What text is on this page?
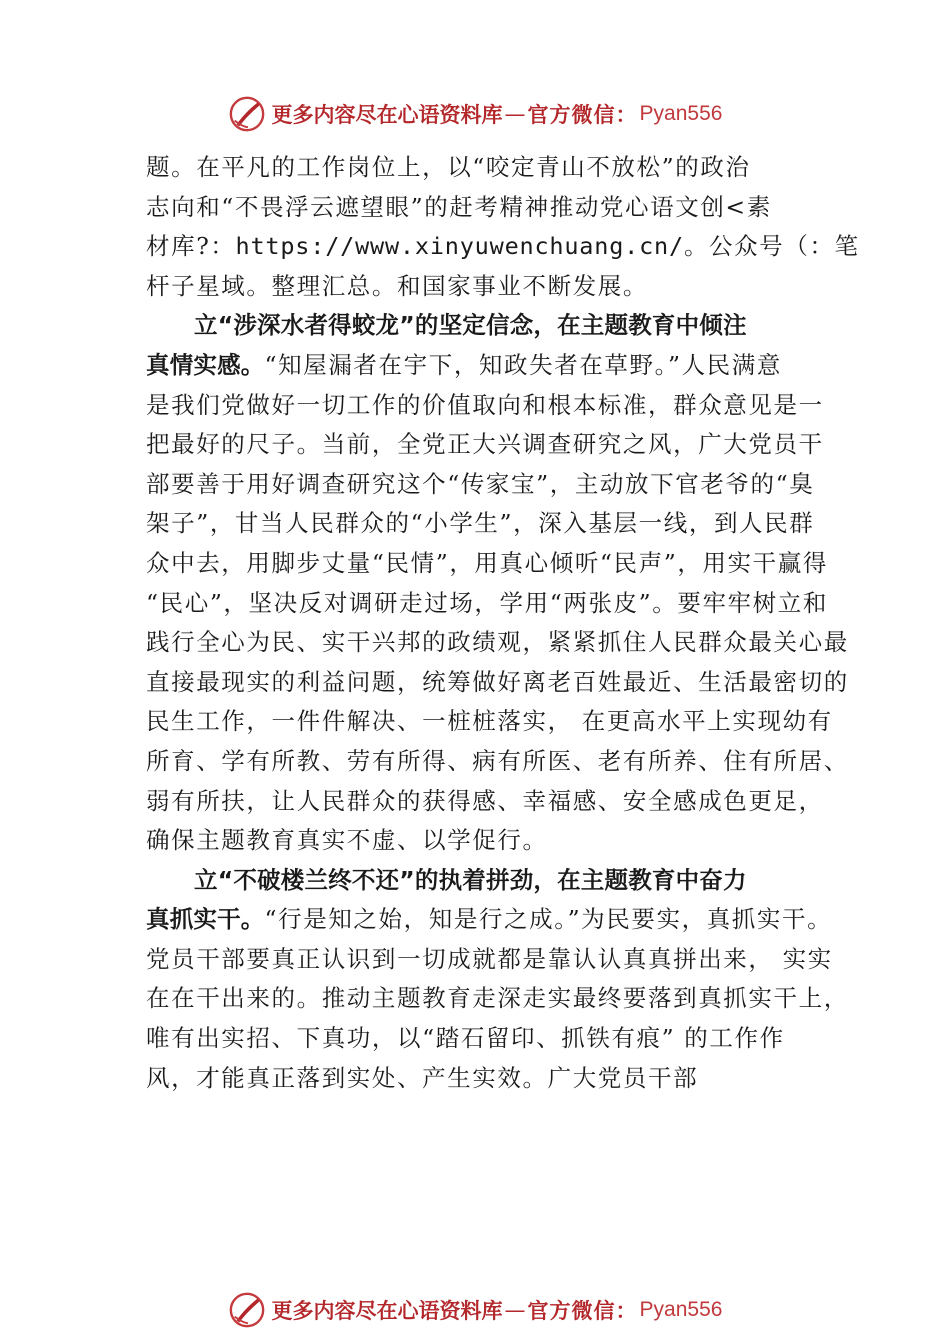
更多内容尽在心语资料库 — 官方微信： Pyan556
题。在平凡的工作岗位上，以“咬定青山不放松”的政治
志向和“不畏浮云遮望眼”的赶考精神推动党心语文创<素
材库?：https://www.xinyuwenchuang.cn/。公众号（：笔
杆子星域。整理汇总。和国家事业不断发展。
立“涉深水者得蛟龙”的坚定信念，在主题教育中倾注
真情实感。“知屋漏者在宇下，知政失者在草野。”人民满意
是我们党做好一切工作的价值取向和根本标准，群众意见是一
把最好的尺子。当前，全党正大兴调查研究之风，广大党员干
部要善于用好调查研究这个“传家宝”，主动放下官老爷的“臭
架子”，甘当人民群众的“小学生”，深入基层一线，到人民群
众中去，用脚步丈量“民情”，用真心倾听“民声”，用实干赢得
“民心”，坚决反对调研走过场，学用“两张皮”。要牢牢树立和
践行全心为民、实干兴邦的政绩观，紧紧抓住人民群众最关心最
直接最现实的利益问题，统筹做好离老百姓最近、生活最密切的
民生工作，一件件解决、一桩桩落实， 在更高水平上实现幼有
所育、学有所教、劳有所得、病有所医、老有所养、住有所居、
弱有所扶，让人民群众的获得感、幸福感、安全感成色更足，
确保主题教育真实不虚、以学促行。
立“不破楼兰终不还”的执着拼劲，在主题教育中奋力
真抓实干。“行是知之始，知是行之成。”为民要实，真抓实干。
党员干部要真正认识到一切成就都是靠认认真真拼出来， 实实
在在干出来的。推动主题教育走深走实最终要落到真抓实干上，
唯有出实招、下真功，以“踏石留印、抓铁有痕” 的工作作
风，才能真正落到实处、产生实效。广大党员干部
更多内容尽在心语资料库 — 官方微信： Pyan556
